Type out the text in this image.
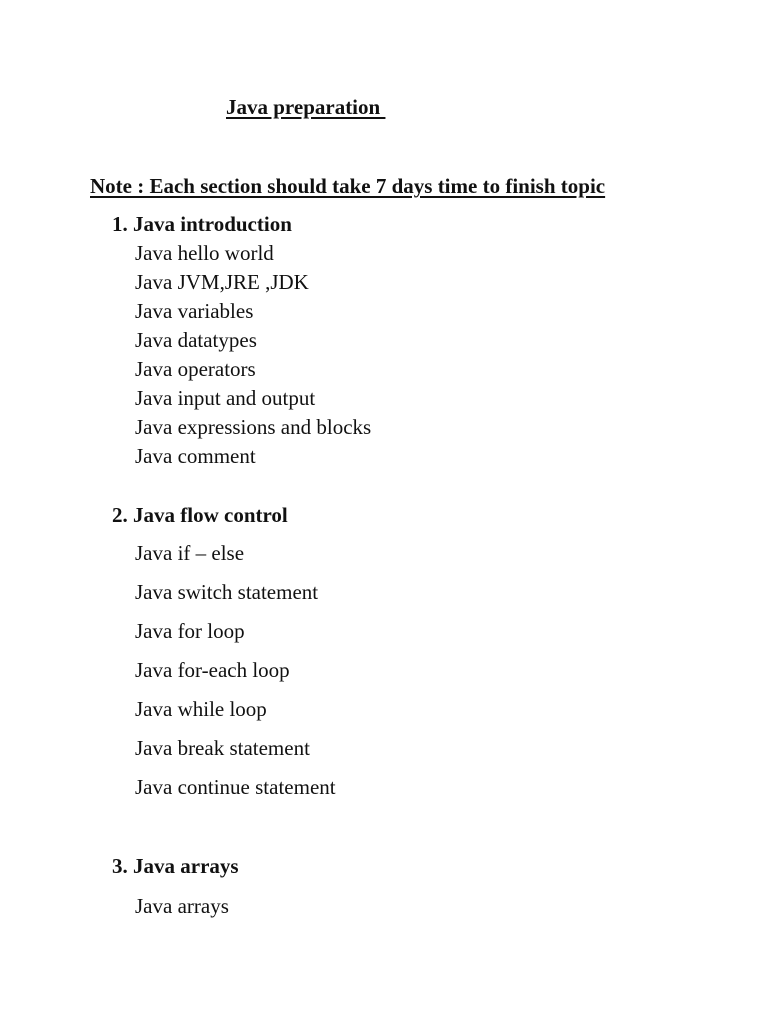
Java preparation
Note : Each section should take 7 days time to finish topic
1. Java introduction
Java hello world
Java JVM,JRE ,JDK
Java variables
Java datatypes
Java operators
Java input and output
Java expressions and blocks
Java comment
2. Java flow control
Java if – else
Java switch statement
Java for loop
Java for-each loop
Java while loop
Java break statement
Java continue statement
3. Java arrays
Java arrays
